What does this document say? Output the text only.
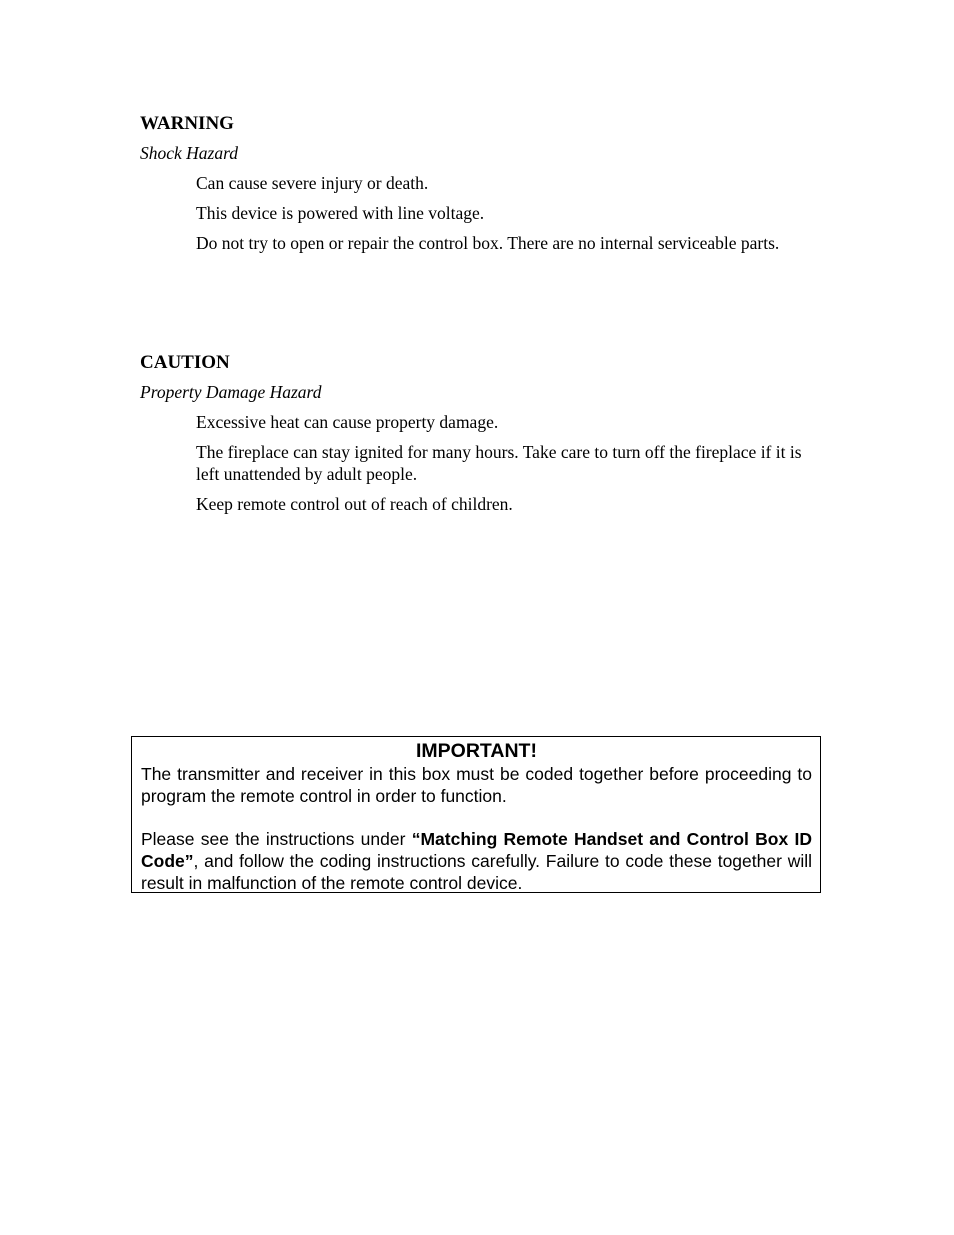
WARNING

Shock Hazard

Can cause severe injury or death.

This device is powered with line voltage.

Do not try to open or repair the control box. There are no internal serviceable parts.

CAUTION

Property Damage Hazard

Excessive heat can cause property damage.

The fireplace can stay ignited for many hours. Take care to turn off the fireplace if it is left unattended by adult people.

Keep remote control out of reach of children.

IMPORTANT!

The transmitter and receiver in this box must be coded together before proceeding to program the remote control in order to function.

Please see the instructions under “Matching Remote Handset and Control Box ID Code”, and follow the coding instructions carefully. Failure to code these together will result in malfunction of the remote control device.
